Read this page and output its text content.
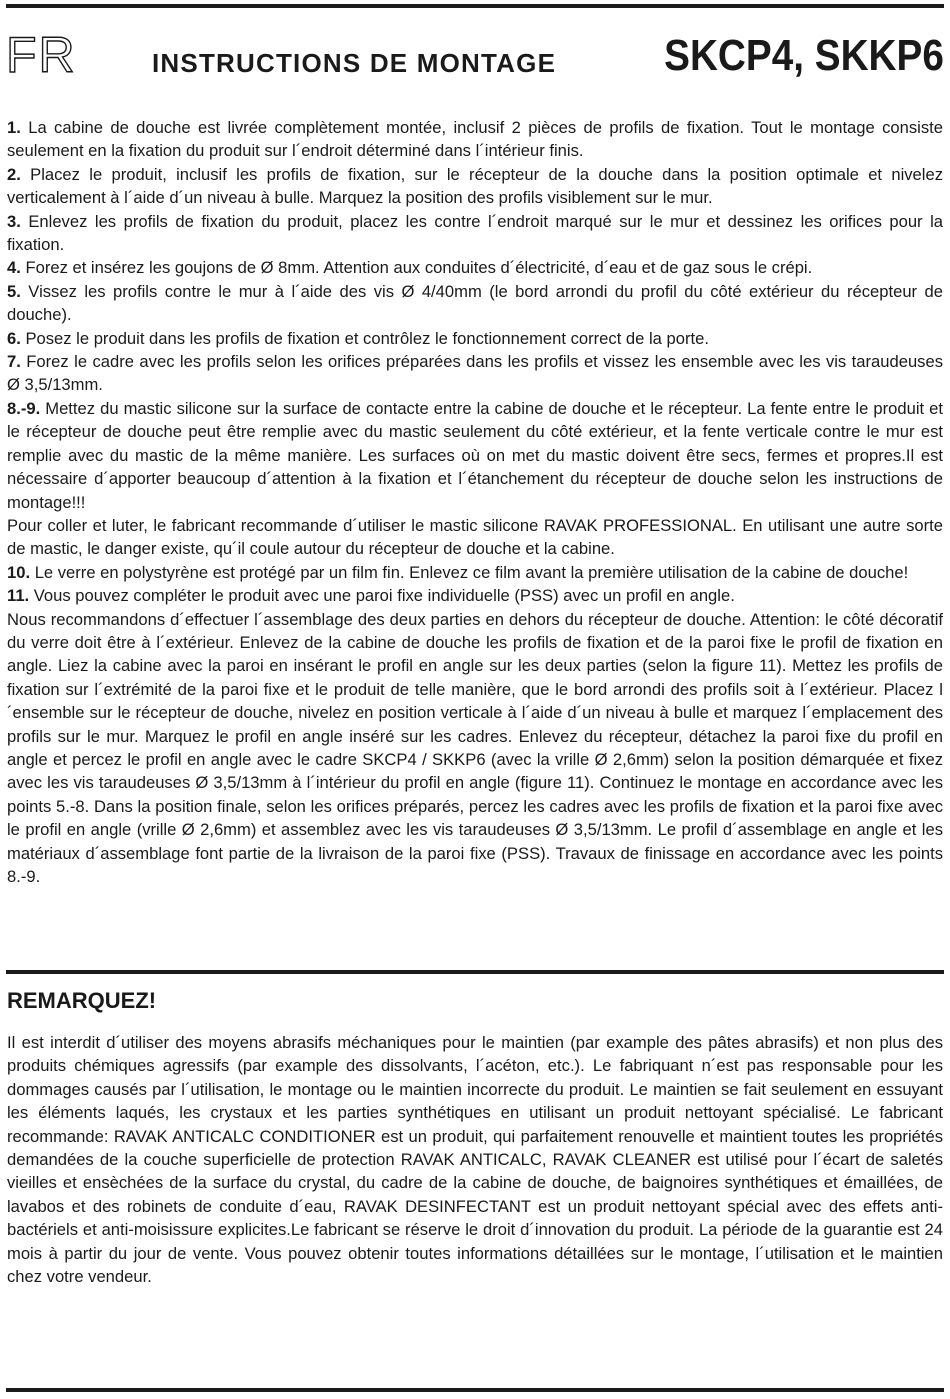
FR	INSTRUCTIONS DE MONTAGE SKCP4, SKKP6

1. La cabine de douche est livrée complètement montée, inclusif 2 pièces de profils de fixation. Tout le montage consiste seulement en la fixation du produit sur l´endroit déterminé dans l´intérieur finis.

2. Placez le produit, inclusif les profils de fixation, sur le récepteur de la douche dans la position optimale et nivelez verticalement à l´aide d´un niveau à bulle. Marquez la position des profils visiblement sur le mur.

3. Enlevez les profils de fixation du produit, placez les contre l´endroit marqué sur le mur et dessinez les orifices pour la fixation.

4. Forez et insérez les goujons de Ø 8mm. Attention aux conduites d´électricité, d´eau et de gaz sous le crépi.

5. Vissez les profils contre le mur à l´aide des vis Ø 4/40mm (le bord arrondi du profil du côté extérieur du récepteur de douche).

6. Posez le produit dans les profils de fixation et contrôlez le fonctionnement correct de la porte.

7. Forez le cadre avec les profils selon les orifices préparées dans les profils et vissez les ensemble avec les vis taraudeuses Ø 3,5/13mm.

8.-9. Mettez du mastic silicone sur la surface de contacte entre la cabine de douche et le récepteur. La fente entre le produit et le récepteur de douche peut être remplie avec du mastic seulement du côté extérieur, et la fente verticale contre le mur est remplie avec du mastic de la même manière. Les surfaces où on met du mastic doivent être secs, fermes et propres.Il est nécessaire d´apporter beaucoup d´attention à la fixation et l´étanchement du récepteur de douche selon les instructions de montage!!!

Pour coller et luter, le fabricant recommande d´utiliser le mastic silicone RAVAK PROFESSIONAL. En utilisant une autre sorte de mastic, le danger existe, qu´il coule autour du récepteur de douche et la cabine.

10. Le verre en polystyrène est protégé par un film fin. Enlevez ce film avant la première utilisation de la cabine de douche!

11. Vous pouvez compléter le produit avec une paroi fixe individuelle (PSS) avec un profil en angle.

Nous recommandons d´effectuer l´assemblage des deux parties en dehors du récepteur de douche. Attention: le côté décoratif du verre doit être à l´extérieur. Enlevez de la cabine de douche les profils de fixation et de la paroi fixe le profil de fixation en angle. Liez la cabine avec la paroi en insérant le profil en angle sur les deux parties (selon la figure 11). Mettez les profils de fixation sur l´extrémité de la paroi fixe et le produit de telle manière, que le bord arrondi des profils soit à l´extérieur. Placez l´ensemble sur le récepteur de douche, nivelez en position verticale à l´aide d´un niveau à bulle et marquez l´emplacement des profils sur le mur. Marquez le profil en angle inséré sur les cadres. Enlevez du récepteur, détachez la paroi fixe du profil en angle et percez le profil en angle avec le cadre SKCP4 / SKKP6 (avec la vrille Ø 2,6mm) selon la position démarquée et fixez avec les vis taraudeuses Ø 3,5/13mm à l´intérieur du profil en angle (figure 11). Continuez le montage en accordance avec les points 5.-8. Dans la position finale, selon les orifices préparés, percez les cadres avec les profils de fixation et la paroi fixe avec le profil en angle (vrille Ø 2,6mm) et assemblez avec les vis taraudeuses Ø 3,5/13mm. Le profil d´assemblage en angle et les matériaux d´assemblage font partie de la livraison de la paroi fixe (PSS). Travaux de finissage en accordance avec les points 8.-9.

REMARQUEZ!

Il est interdit d´utiliser des moyens abrasifs méchaniques pour le maintien (par example des pâtes abrasifs) et non plus des produits chémiques agressifs (par example des dissolvants, l´acéton, etc.). Le fabriquant n´est pas responsable pour les dommages causés par l´utilisation, le montage ou le maintien incorrecte du produit. Le maintien se fait seulement en essuyant les éléments laqués, les crystaux et les parties synthétiques en utilisant un produit nettoyant spécialisé. Le fabricant recommande: RAVAK ANTICALC CONDITIONER est un produit, qui parfaitement renouvelle et maintient toutes les propriétés demandées de la couche superficielle de protection RAVAK ANTICALC, RAVAK CLEANER est utilisé pour l´écart de saletés vieilles et ensèchées de la surface du crystal, du cadre de la cabine de douche, de baignoires synthétiques et émaillées, de lavabos et des robinets de conduite d´eau, RAVAK DESINFECTANT est un produit nettoyant spécial avec des effets anti-bactériels et anti-moisissure explicites.Le fabricant se réserve le droit d´innovation du produit. La période de la guarantie est 24 mois à partir du jour de vente. Vous pouvez obtenir toutes informations détaillées sur le montage, l´utilisation et le maintien chez votre vendeur.
